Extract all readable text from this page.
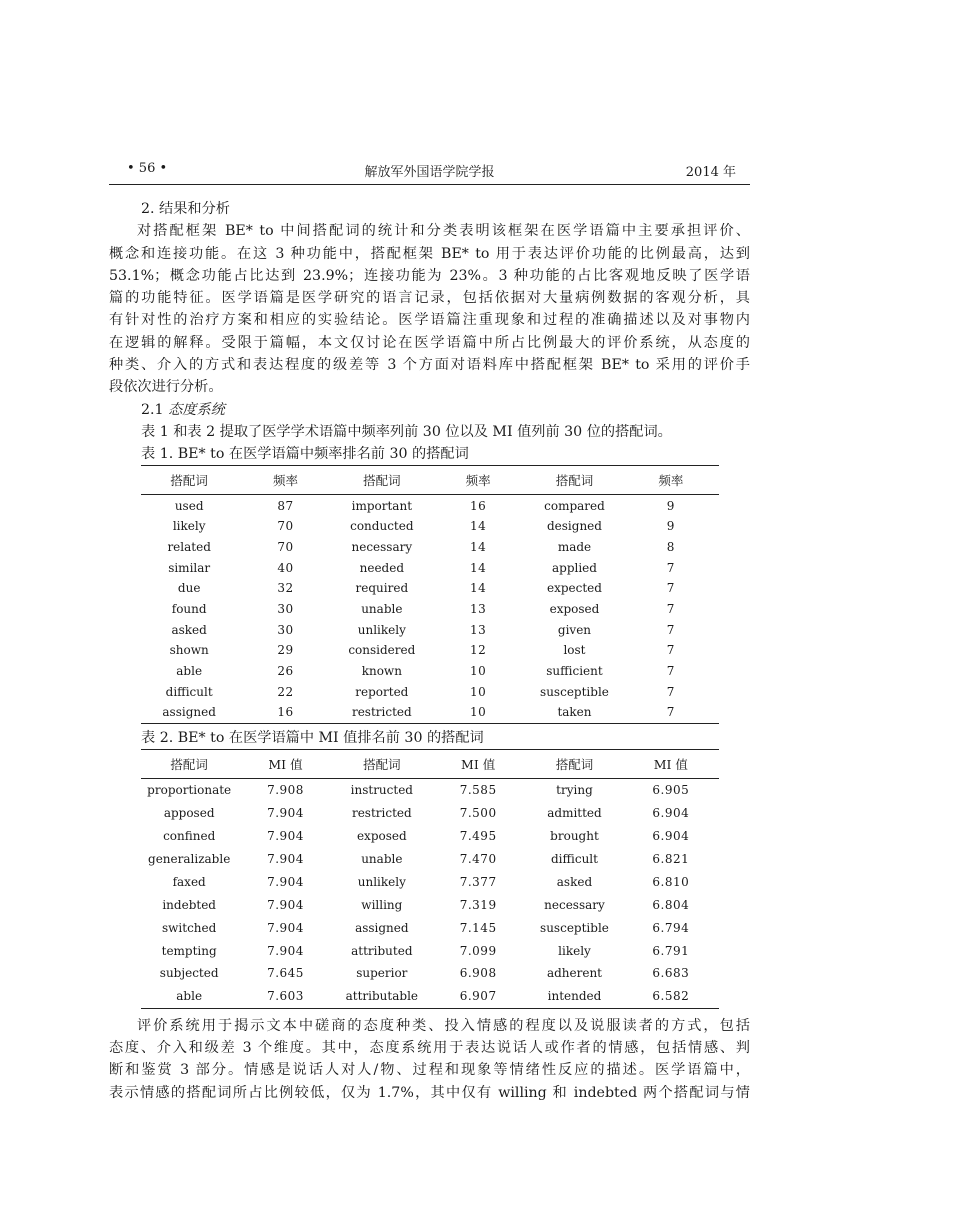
• 56 •	解放军外国语学院学报	2014 年
2. 结果和分析
对搭配框架 BE* to 中间搭配词的统计和分类表明该框架在医学语篇中主要承担评价、
概念和连接功能。在这 3 种功能中，搭配框架 BE* to 用于表达评价功能的比例最高，达到
53.1%；概念功能占比达到 23.9%；连接功能为 23%。3 种功能的占比客观地反映了医学语
篇的功能特征。医学语篇是医学研究的语言记录，包括依据对大量病例数据的客观分析，具
有针对性的治疗方案和相应的实验结论。医学语篇注重现象和过程的准确描述以及对事物内
在逻辑的解释。受限于篇幅，本文仅讨论在医学语篇中所占比例最大的评价系统，从态度的
种类、介入的方式和表达程度的级差等 3 个方面对语料库中搭配框架 BE* to 采用的评价手
段依次进行分析。
2.1 态度系统
表 1 和表 2 提取了医学学术语篇中频率列前 30 位以及 MI 值列前 30 位的搭配词。
表 1. BE* to 在医学语篇中频率排名前 30 的搭配词
搭配词	频率	搭配词	频率	搭配词	频率
used	87	important	16	compared	9
likely	70	conducted	14	designed	9
related	70	necessary	14	made	8
similar	40	needed	14	applied	7
due	32	required	14	expected	7
found	30	unable	13	exposed	7
asked	30	unlikely	13	given	7
shown	29	considered	12	lost	7
able	26	known	10	sufficient	7
difficult	22	reported	10	susceptible	7
assigned	16	restricted	10	taken	7
表 2. BE* to 在医学语篇中 MI 值排名前 30 的搭配词
搭配词	MI 值	搭配词	MI 值	搭配词	MI 值
proportionate	7.908	instructed	7.585	trying	6.905
apposed	7.904	restricted	7.500	admitted	6.904
confined	7.904	exposed	7.495	brought	6.904
generalizable	7.904	unable	7.470	difficult	6.821
faxed	7.904	unlikely	7.377	asked	6.810
indebted	7.904	willing	7.319	necessary	6.804
switched	7.904	assigned	7.145	susceptible	6.794
tempting	7.904	attributed	7.099	likely	6.791
subjected	7.645	superior	6.908	adherent	6.683
able	7.603	attributable	6.907	intended	6.582
评价系统用于揭示文本中磋商的态度种类、投入情感的程度以及说服读者的方式，包括
态度、介入和级差 3 个维度。其中，态度系统用于表达说话人或作者的情感，包括情感、判
断和鉴赏 3 部分。情感是说话人对人/物、过程和现象等情绪性反应的描述。医学语篇中，
表示情感的搭配词所占比例较低，仅为 1.7%，其中仅有 willing 和 indebted 两个搭配词与情
